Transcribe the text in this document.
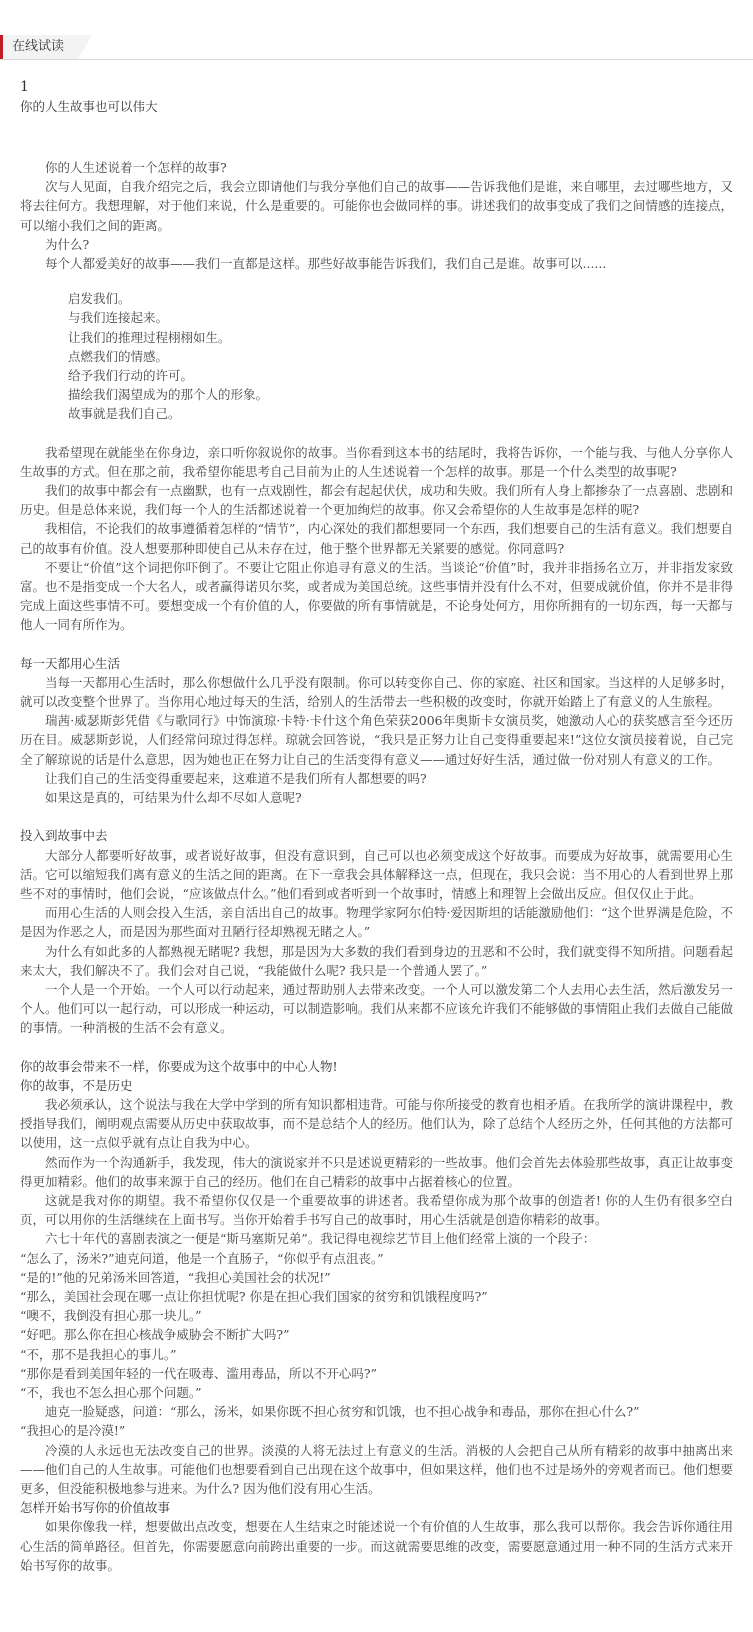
在线试读
1
你的人生故事也可以伟大

你的人生述说着一个怎样的故事?

次与人见面，自我介绍完之后，我会立即请他们与我分享他们自己的故事——告诉我他们是谁，来自哪里，去过哪些地方，又将去往何方。我想理解，对于他们来说，什么是重要的。可能你也会做同样的事。讲述我们的故事变成了我们之间情感的连接点，可以缩小我们之间的距离。

为什么?

每个人都爱美好的故事——我们一直都是这样。那些好故事能告诉我们，我们自己是谁。故事可以......

启发我们。
与我们连接起来。
让我们的推理过程栩栩如生。
点燃我们的情感。
给予我们行动的许可。
描绘我们渴望成为的那个人的形象。
故事就是我们自己。

我希望现在就能坐在你身边，亲口听你叙说你的故事。当你看到这本书的结尾时，我将告诉你，一个能与我、与他人分享你人生故事的方式。但在那之前，我希望你能思考自己目前为止的人生述说着一个怎样的故事。那是一个什么类型的故事呢?

我们的故事中都会有一点幽默，也有一点戏剧性，都会有起起伏伏，成功和失败。我们所有人身上都掺杂了一点喜剧、悲剧和历史。但是总体来说，我们每一个人的生活都述说着一个更加绚烂的故事。你又会希望你的人生故事是怎样的呢?

我相信，不论我们的故事遵循着怎样的“情节”，内心深处的我们都想要同一个东西，我们想要自己的生活有意义。我们想要自己的故事有价值。没人想要那种即使自己从未存在过，他于整个世界都无关紧要的感觉。你同意吗?

不要让“价值”这个词把你吓倒了。不要让它阻止你追寻有意义的生活。当谈论“价值”时，我并非指扬名立万，并非指发家致富。也不是指变成一个大名人，或者赢得诺贝尔奖，或者成为美国总统。这些事情并没有什么不对，但要成就价值，你并不是非得完成上面这些事情不可。要想变成一个有价值的人，你要做的所有事情就是，不论身处何方，用你所拥有的一切东西，每一天都与他人一同有所作为。

每一天都用心生活

当每一天都用心生活时，那么你想做什么几乎没有限制。你可以转变你自己、你的家庭、社区和国家。当这样的人足够多时，就可以改变整个世界了。当你用心地过每天的生活，给别人的生活带去一些积极的改变时，你就开始踏上了有意义的人生旅程。

瑞茜·威瑟斯彭凭借《与歌同行》中饰演琼·卡特·卡什这个角色荣获2006年奥斯卡女演员奖，她激动人心的获奖感言至今还历历在目。威瑟斯彭说，人们经常问琼过得怎样。琼就会回答说，“我只是正努力让自己变得重要起来!”这位女演员接着说，自己完全了解琼说的话是什么意思，因为她也正在努力让自己的生活变得有意义——通过好好生活，通过做一份对别人有意义的工作。

让我们自己的生活变得重要起来，这难道不是我们所有人都想要的吗?

如果这是真的，可结果为什么却不尽如人意呢?

投入到故事中去

大部分人都要听好故事，或者说好故事，但没有意识到，自己可以也必须变成这个好故事。而要成为好故事，就需要用心生活。它可以缩短我们离有意义的生活之间的距离。在下一章我会具体解释这一点，但现在，我只会说：当不用心的人看到世界上那些不对的事情时，他们会说，“应该做点什么。”他们看到或者听到一个故事时，情感上和理智上会做出反应。但仅仅止于此。

而用心生活的人则会投入生活，亲自活出自己的故事。物理学家阿尔伯特·爱因斯坦的话能激励他们：“这个世界满是危险，不是因为作恶之人，而是因为那些面对丑陋行径却熟视无睹之人。”

为什么有如此多的人都熟视无睹呢? 我想，那是因为大多数的我们看到身边的丑恶和不公时，我们就变得不知所措。问题看起来太大，我们解决不了。我们会对自己说，“我能做什么呢? 我只是一个普通人罢了。”

一个人是一个开始。一个人可以行动起来，通过帮助别人去带来改变。一个人可以激发第二个人去用心去生活，然后激发另一个人。他们可以一起行动，可以形成一种运动，可以制造影响。我们从来都不应该允许我们不能够做的事情阻止我们去做自己能做的事情。一种消极的生活不会有意义。

你的故事会带来不一样，你要成为这个故事中的中心人物!
你的故事，不是历史

我必须承认，这个说法与我在大学中学到的所有知识都相违背。可能与你所接受的教育也相矛盾。在我所学的演讲课程中，教授指导我们，阐明观点需要从历史中获取故事，而不是总结个人的经历。他们认为，除了总结个人经历之外，任何其他的方法都可以使用，这一点似乎就有点让自我为中心。

然而作为一个沟通新手，我发现，伟大的演说家并不只是述说更精彩的一些故事。他们会首先去体验那些故事，真正让故事变得更加精彩。他们的故事来源于自己的经历。他们在自己精彩的故事中占据着核心的位置。

这就是我对你的期望。我不希望你仅仅是一个重要故事的讲述者。我希望你成为那个故事的创造者! 你的人生仍有很多空白页，可以用你的生活继续在上面书写。当你开始着手书写自己的故事时，用心生活就是创造你精彩的故事。

六七十年代的喜剧表演之一便是“斯马塞斯兄弟”。我记得电视综艺节目上他们经常上演的一个段子：

“怎么了，汤米?”迪克问道，他是一个直肠子，“你似乎有点沮丧。”

“是的!”他的兄弟汤米回答道，“我担心美国社会的状况!”

“那么，美国社会现在哪一点让你担忧呢? 你是在担心我们国家的贫穷和饥饿程度吗?”

“噢不，我倒没有担心那一块儿。”

“好吧。那么你在担心核战争威胁会不断扩大吗?”

“不，那不是我担心的事儿。”

“那你是看到美国年轻的一代在吸毒、滥用毒品，所以不开心吗?”

“不，我也不怎么担心那个问题。”

迪克一脸疑惑，问道：“那么，汤米，如果你既不担心贫穷和饥饿，也不担心战争和毒品，那你在担心什么?”

“我担心的是冷漠!”

冷漠的人永远也无法改变自己的世界。淡漠的人将无法过上有意义的生活。消极的人会把自己从所有精彩的故事中抽离出来——他们自己的人生故事。可能他们也想要看到自己出现在这个故事中，但如果这样，他们也不过是场外的旁观者而已。他们想要更多，但没能积极地参与进来。为什么? 因为他们没有用心生活。

怎样开始书写你的价值故事

如果你像我一样，想要做出点改变，想要在人生结束之时能述说一个有价值的人生故事，那么我可以帮你。我会告诉你通往用心生活的简单路径。但首先，你需要愿意向前跨出重要的一步。而这就需要思维的改变，需要愿意通过用一种不同的生活方式来开始书写你的故事。
